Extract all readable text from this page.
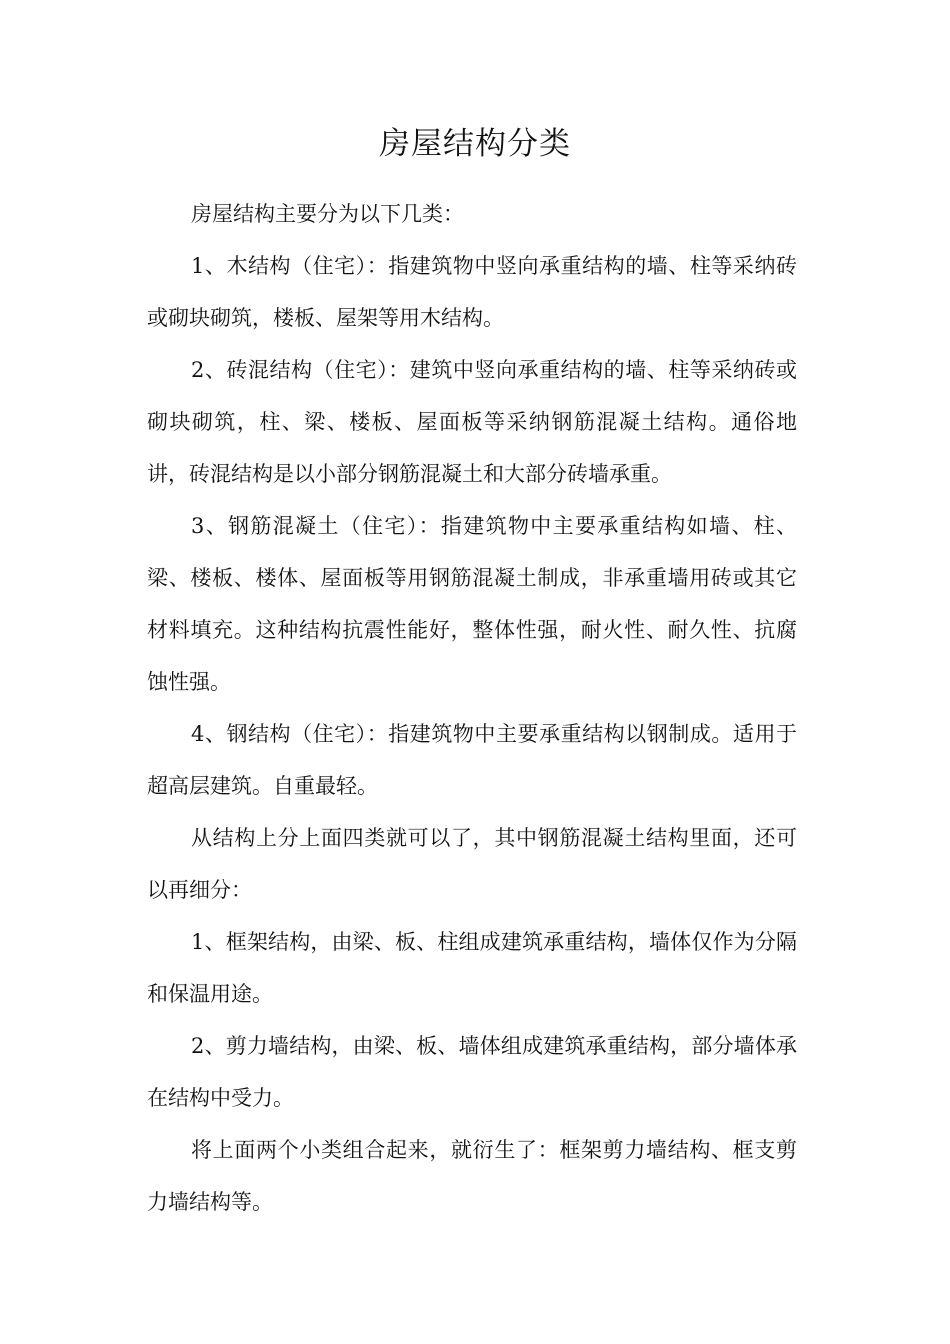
房屋结构分类

房屋结构主要分为以下几类：

1、木结构（住宅）：指建筑物中竖向承重结构的墙、柱等采纳砖或砌块砌筑，楼板、屋架等用木结构。

2、砖混结构（住宅）：建筑中竖向承重结构的墙、柱等采纳砖或砌块砌筑，柱、梁、楼板、屋面板等采纳钢筋混凝土结构。通俗地讲，砖混结构是以小部分钢筋混凝土和大部分砖墙承重。

3、钢筋混凝土（住宅）：指建筑物中主要承重结构如墙、柱、梁、楼板、楼体、屋面板等用钢筋混凝土制成，非承重墙用砖或其它材料填充。这种结构抗震性能好，整体性强，耐火性、耐久性、抗腐蚀性强。

4、钢结构（住宅）：指建筑物中主要承重结构以钢制成。适用于超高层建筑。自重最轻。

从结构上分上面四类就可以了，其中钢筋混凝土结构里面，还可以再细分：

1、框架结构，由梁、板、柱组成建筑承重结构，墙体仅作为分隔和保温用途。

2、剪力墙结构，由梁、板、墙体组成建筑承重结构，部分墙体承在结构中受力。

将上面两个小类组合起来，就衍生了：框架剪力墙结构、框支剪力墙结构等。
